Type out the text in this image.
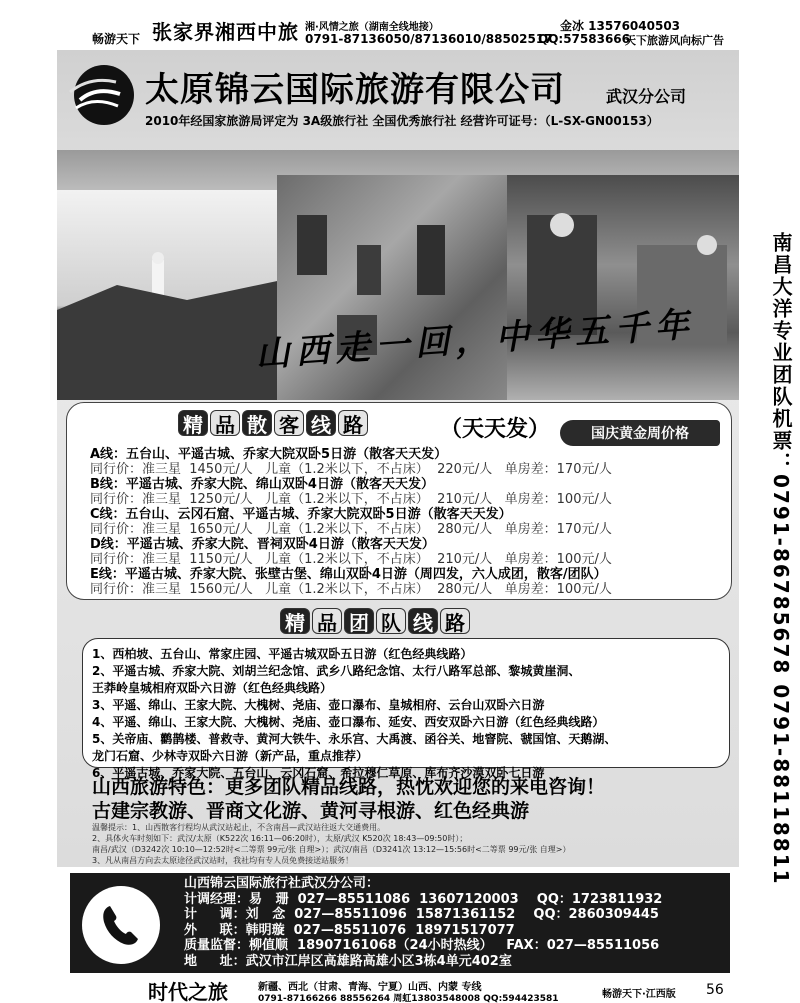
畅游天下 张家界湘西中旅 湘·风情之旅（湖南全线地接）	金冰 13576040503
0791-87136050/87136010/88502517
QQ:57583666
天下旅游风向标广告
太原锦云国际旅游有限公司	武汉分公司
2010年经国家旅游局评定为 3A级旅行社 全国优秀旅行社 经营许可证号：（L-SX-GN00153）
山西走一回，中华五千年	南昌大洋专业团队机票：0791-86785678 0791-88118811
精 品 散 客 线 路	（天天发）	国庆黄金周价格
A线：五台山、平遥古城、乔家大院双卧5日游（散客天天发）
同行价：准三星  1450元/人   儿童（1.2米以下，不占床）  220元/人   单房差：170元/人
B线：平遥古城、乔家大院、绵山双卧4日游（散客天天发）
同行价：准三星  1250元/人   儿童（1.2米以下，不占床）  210元/人   单房差：100元/人
C线：五台山、云冈石窟、平遥古城、乔家大院双卧5日游（散客天天发）
同行价：准三星  1650元/人   儿童（1.2米以下，不占床）  280元/人   单房差：170元/人
D线：平遥古城、乔家大院、晋祠双卧4日游（散客天天发）
同行价：准三星  1150元/人   儿童（1.2米以下，不占床）  210元/人   单房差：100元/人
E线：平遥古城、乔家大院、张壁古堡、绵山双卧4日游（周四发，六人成团，散客/团队）
同行价：准三星  1560元/人   儿童（1.2米以下，不占床）  280元/人   单房差：100元/人
精 品 团 队 线 路
1、西柏坡、五台山、常家庄园、平遥古城双卧五日游（红色经典线路）
2、平遥古城、乔家大院、刘胡兰纪念馆、武乡八路纪念馆、太行八路军总部、黎城黄崖洞、
王莽岭皇城相府双卧六日游（红色经典线路）
3、平遥、绵山、王家大院、大槐树、尧庙、壶口瀑布、皇城相府、云台山双卧六日游
4、平遥、绵山、王家大院、大槐树、尧庙、壶口瀑布、延安、西安双卧六日游（红色经典线路）
5、关帝庙、鹳鹊楼、普救寺、黄河大铁牛、永乐宫、大禹渡、函谷关、地窨院、虢国馆、天鹅湖、
龙门石窟、少林寺双卧六日游（新产品，重点推荐）
6、平遥古城、乔家大院、五台山、云冈石窟、希拉穆仁草原、库布齐沙漠双卧七日游
山西旅游特色：更多团队精品线路，热忱欢迎您的来电咨询！
古建宗教游、晋商文化游、黄河寻根游、红色经典游
温馨提示：1、山西散客行程均从武汉站起止，不含南昌—武汉站往返大交通费用。
2、具体火车时刻如下：武汉/太原（K522次 16:11—06:20时），太原/武汉 K520次 18:43—09:50时）；
南昌/武汉（D3242次 10:10—12:52时<二等票 99元/张 自理>）；武汉/南昌（D3241次 13:12—15:56时<二等票 99元/张 自理>）
3、凡从南昌方向去太原途径武汉站时，我社均有专人员免费接送站服务！
山西锦云国际旅行社武汉分公司：
计调经理：易   珊  027—85511086  13607120003    QQ：1723811932
计     调：刘   念  027—85511096  15871361152    QQ：2860309445
外     联：韩明璇  027—85511076  18971517077
质量监督：柳值顺  18907161068（24小时热线）   FAX：027—85511056
地     址：武汉市江岸区高雄路高雄小区3栋4单元402室
时代之旅	新疆、西北（甘肃、青海、宁夏）山西、内蒙 专线
0791-87166266 88556264 周虹13803548008 QQ:594423581	畅游天下·江西版 56
